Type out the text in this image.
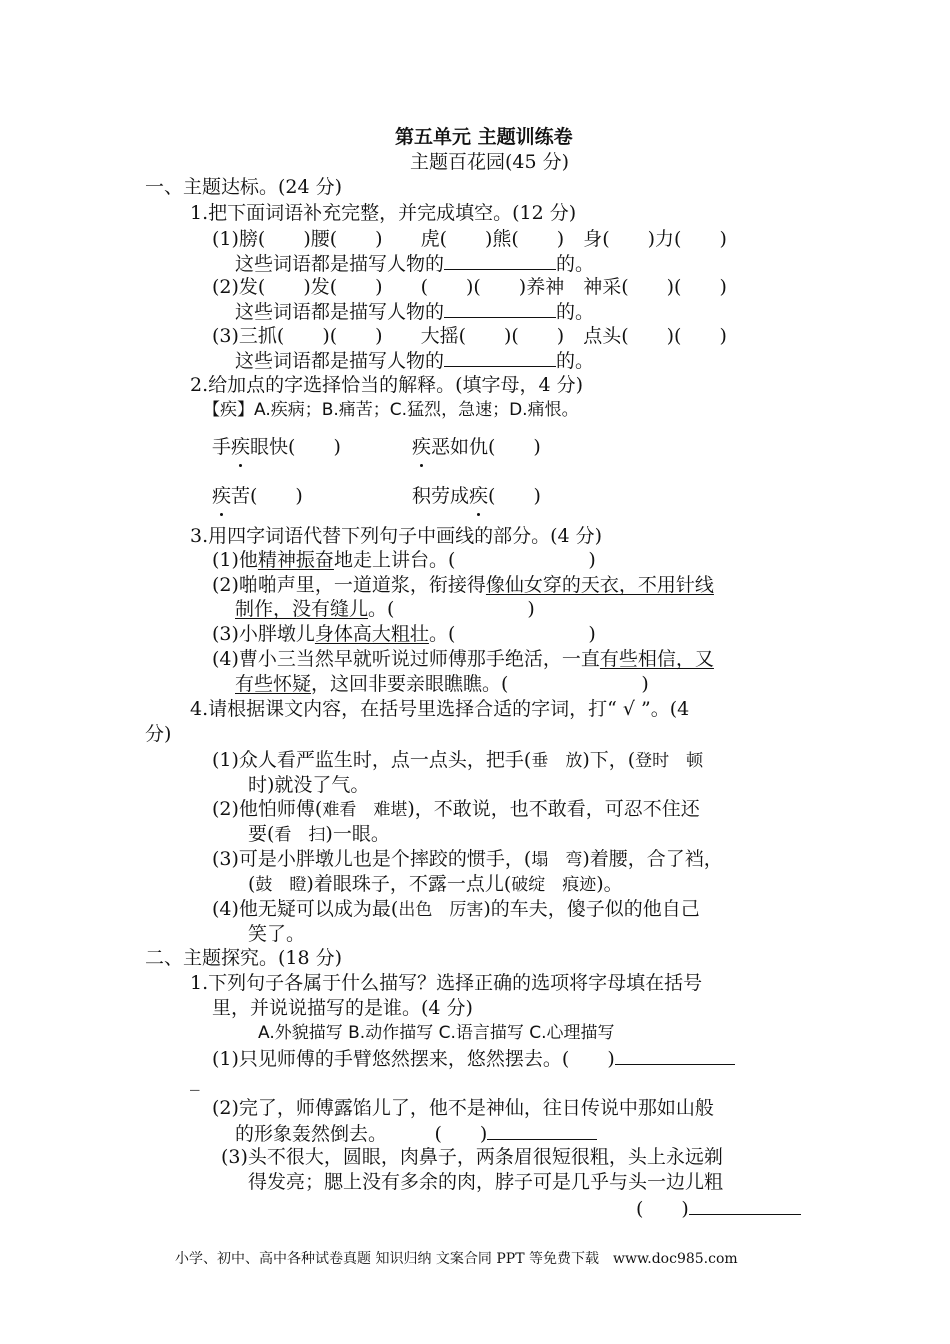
第五单元 主题训练卷
主题百花园(45 分)
一、主题达标。(24 分)
1.把下面词语补充完整，并完成填空。(12 分)
(1)膀(　　)腰(　　)　　虎(　　)熊(　　)　身(　　)力(　　)
这些词语都是描写人物的	的。
(2)发(　　)发(　　)　　(　　)(　　)养神　神采(　　)(　　)
这些词语都是描写人物的	的。
(3)三抓(　　)(　　)　　大摇(　　)(　　)　点头(　　)(　　)
这些词语都是描写人物的	的。
2.给加点的字选择恰当的解释。(填字母，4 分)
【疾】A.疾病；B.痛苦；C.猛烈，急速；D.痛恨。
手疾眼快(　　)	疾恶如仇(　　)
疾苦(　　)	积劳成疾(　　)
3.用四字词语代替下列句子中画线的部分。(4 分)
(1)他精神振奋地走上讲台。(　　　　　　　)
(2)啪啪声里，一道道浆，衔接得像仙女穿的天衣，不用针线
制作，没有缝儿。(　　　　　　　)
(3)小胖墩儿身体高大粗壮。(　　　　　　　)
(4)曹小三当然早就听说过师傅那手绝活，一直有些相信，又
有些怀疑，这回非要亲眼瞧瞧。(　　　　　　　)
4.请根据课文内容，在括号里选择合适的字词，打“ √ ”。(4
分)
(1)众人看严监生时，点一点头，把手(垂　放)下，(登时　顿
时)就没了气。
(2)他怕师傅(难看　难堪)，不敢说，也不敢看，可忍不住还
要(看　扫)一眼。
(3)可是小胖墩儿也是个摔跤的惯手，(塌　弯)着腰，合了裆，
(鼓　瞪)着眼珠子，不露一点儿(破绽　痕迹)。
(4)他无疑可以成为最(出色　厉害)的车夫，傻子似的他自己
笑了。
二、主题探究。(18 分)
1.下列句子各属于什么描写？选择正确的选项将字母填在括号
里，并说说描写的是谁。(4 分)
A.外貌描写 B.动作描写 C.语言描写 C.心理描写
(1)只见师傅的手臂悠然摆来，悠然摆去。(　　)
_
(2)完了，师傅露馅儿了，他不是神仙，往日传说中那如山般
的形象轰然倒去。　　　(　　)
(3)头不很大，圆眼，肉鼻子，两条眉很短很粗，头上永远剃
得发亮；腮上没有多余的肉，脖子可是几乎与头一边儿粗
(　　)
小学、初中、高中各种试卷真题 知识归纳 文案合同 PPT 等免费下载　www.doc985.com
